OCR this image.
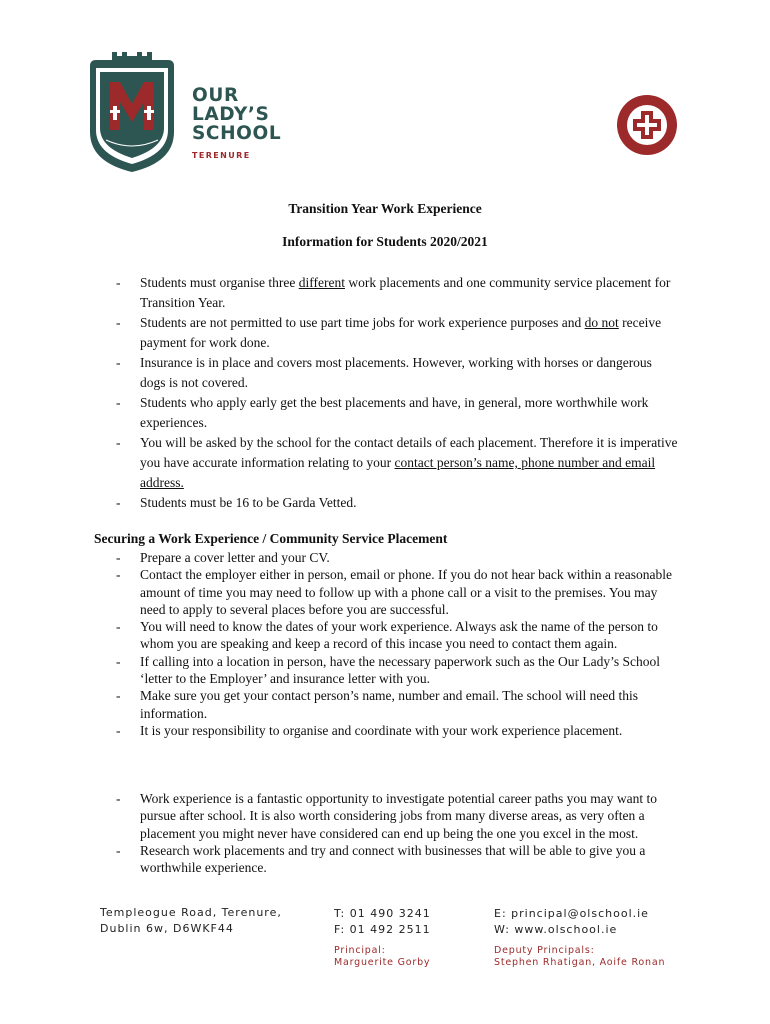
OUR
LADY’S
SCHOOL
TERENURE
Transition Year Work Experience
Information for Students 2020/2021
- Students must organise three different work placements and one community service placement for Transition Year.
- Students are not permitted to use part time jobs for work experience purposes and do not receive payment for work done.
- Insurance is in place and covers most placements. However, working with horses or dangerous dogs is not covered.
- Students who apply early get the best placements and have, in general, more worthwhile work experiences.
- You will be asked by the school for the contact details of each placement. Therefore it is imperative you have accurate information relating to your contact person’s name, phone number and email address.
- Students must be 16 to be Garda Vetted.
Securing a Work Experience / Community Service Placement
- Prepare a cover letter and your CV.
- Contact the employer either in person, email or phone. If you do not hear back within a reasonable amount of time you may need to follow up with a phone call or a visit to the premises. You may need to apply to several places before you are successful.
- You will need to know the dates of your work experience. Always ask the name of the person to whom you are speaking and keep a record of this incase you need to contact them again.
- If calling into a location in person, have the necessary paperwork such as the Our Lady’s School ‘letter to the Employer’ and insurance letter with you.
- Make sure you get your contact person’s name, number and email. The school will need this information.
- It is your responsibility to organise and coordinate with your work experience placement.
- Work experience is a fantastic opportunity to investigate potential career paths you may want to pursue after school. It is also worth considering jobs from many diverse areas, as very often a placement you might never have considered can end up being the one you excel in the most.
- Research work placements and try and connect with businesses that will be able to give you a worthwhile experience.
Templeogue Road, Terenure,
Dublin 6w, D6WKF44
T: 01 490 3241
F: 01 492 2511
E: principal@olschool.ie
W: www.olschool.ie
Principal:
Marguerite Gorby
Deputy Principals:
Stephen Rhatigan, Aoife Ronan
